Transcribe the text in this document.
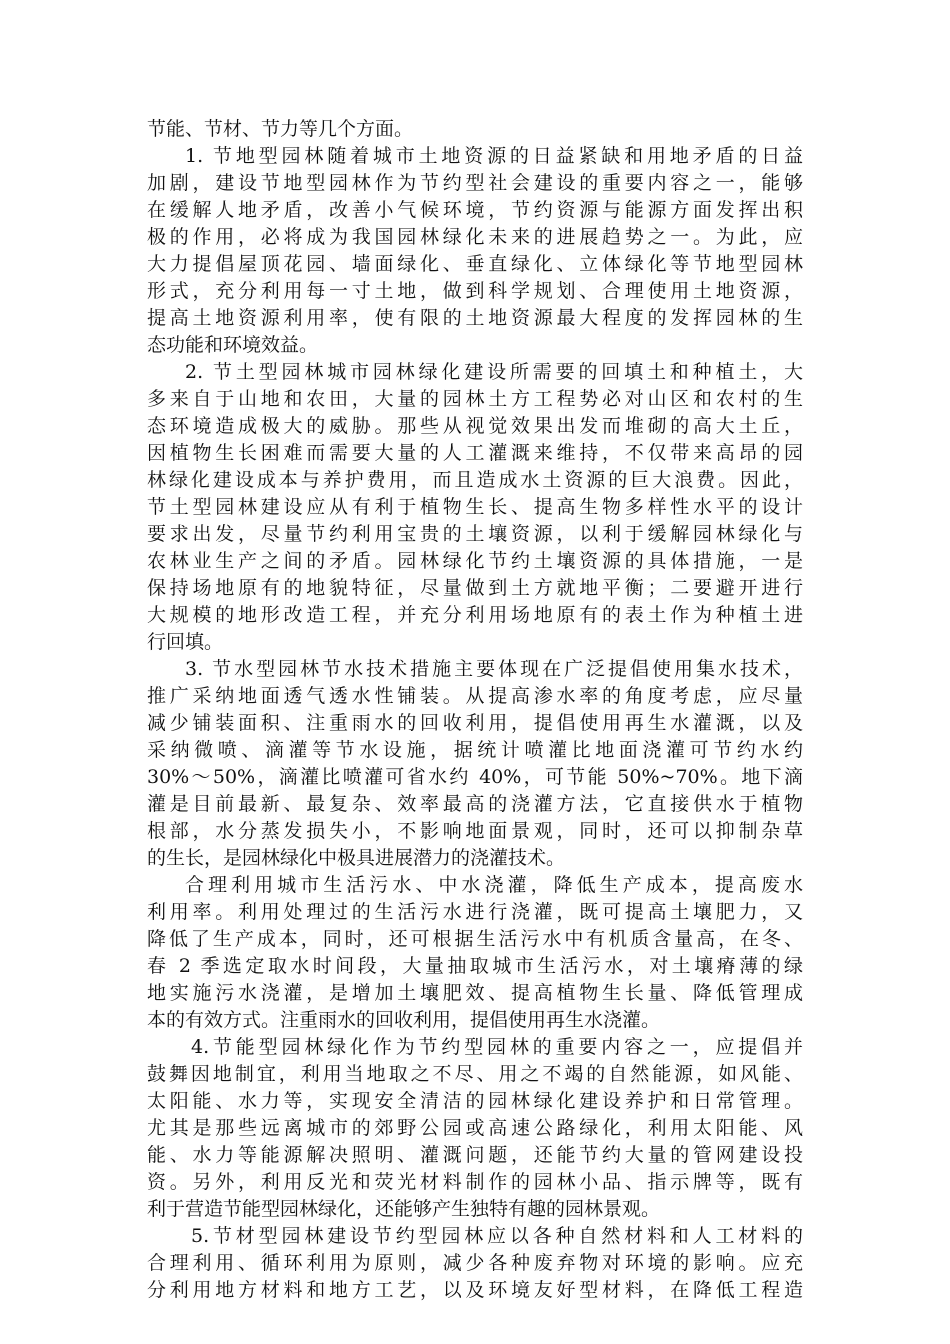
节能、节材、节力等几个方面。
1. 节地型园林随着城市土地资源的日益紧缺和用地矛盾的日益
加剧，建设节地型园林作为节约型社会建设的重要内容之一，能够
在缓解人地矛盾，改善小气候环境，节约资源与能源方面发挥出积
极的作用，必将成为我国园林绿化未来的进展趋势之一。为此，应
大力提倡屋顶花园、墙面绿化、垂直绿化、立体绿化等节地型园林
形式，充分利用每一寸土地，做到科学规划、合理使用土地资源，
提高土地资源利用率，使有限的土地资源最大程度的发挥园林的生
态功能和环境效益。
2. 节土型园林城市园林绿化建设所需要的回填土和种植土，大
多来自于山地和农田，大量的园林土方工程势必对山区和农村的生
态环境造成极大的威胁。那些从视觉效果出发而堆砌的高大土丘，
因植物生长困难而需要大量的人工灌溉来维持，不仅带来高昂的园
林绿化建设成本与养护费用，而且造成水土资源的巨大浪费。因此，
节土型园林建设应从有利于植物生长、提高生物多样性水平的设计
要求出发，尽量节约利用宝贵的土壤资源，以利于缓解园林绿化与
农林业生产之间的矛盾。园林绿化节约土壤资源的具体措施，一是
保持场地原有的地貌特征，尽量做到土方就地平衡；二要避开进行
大规模的地形改造工程，并充分利用场地原有的表土作为种植土进
行回填。
3. 节水型园林节水技术措施主要体现在广泛提倡使用集水技术，
推广采纳地面透气透水性铺装。从提高渗水率的角度考虑，应尽量
减少铺装面积、注重雨水的回收利用，提倡使用再生水灌溉，以及
采纳微喷、滴灌等节水设施，据统计喷灌比地面浇灌可节约水约
30%～50%，滴灌比喷灌可省水约 40%，可节能 50%~70%。地下滴
灌是目前最新、最复杂、效率最高的浇灌方法，它直接供水于植物
根部，水分蒸发损失小，不影响地面景观，同时，还可以抑制杂草
的生长，是园林绿化中极具进展潜力的浇灌技术。
合理利用城市生活污水、中水浇灌，降低生产成本，提高废水
利用率。利用处理过的生活污水进行浇灌，既可提高土壤肥力，又
降低了生产成本，同时，还可根据生活污水中有机质含量高，在冬、
春 2 季选定取水时间段，大量抽取城市生活污水，对土壤瘠薄的绿
地实施污水浇灌，是增加土壤肥效、提高植物生长量、降低管理成
本的有效方式。注重雨水的回收利用，提倡使用再生水浇灌。
4.节能型园林绿化作为节约型园林的重要内容之一，应提倡并
鼓舞因地制宜，利用当地取之不尽、用之不竭的自然能源，如风能、
太阳能、水力等，实现安全清洁的园林绿化建设养护和日常管理。
尤其是那些远离城市的郊野公园或高速公路绿化，利用太阳能、风
能、水力等能源解决照明、灌溉问题，还能节约大量的管网建设投
资。另外，利用反光和荧光材料制作的园林小品、指示牌等，既有
利于营造节能型园林绿化，还能够产生独特有趣的园林景观。
5.节材型园林建设节约型园林应以各种自然材料和人工材料的
合理利用、循环利用为原则，减少各种废弃物对环境的影响。应充
分利用地方材料和地方工艺，以及环境友好型材料，在降低工程造
